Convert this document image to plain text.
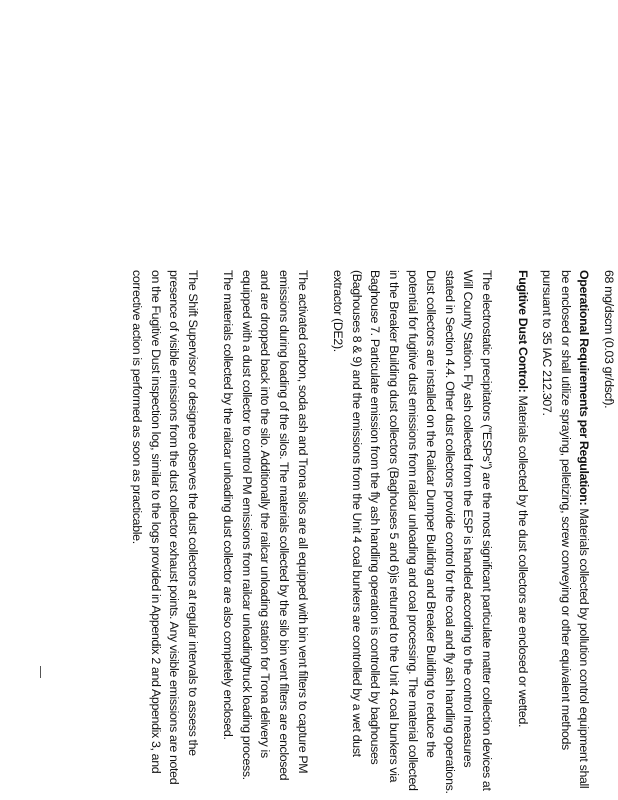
68 mg/dscm (0.03 gr/dscf).

Operational Requirements per Regulation: Materials collected by pollution control equipment shall be enclosed or shall utilize spraying, pelletizing, screw conveying or other equivalent methods pursuant to 35 IAC 212.307.

Fugitive Dust Control: Materials collected by the dust collectors are enclosed or wetted.

The electrostatic precipitators ("ESPs") are the most significant particulate matter collection devices at Will County Station. Fly ash collected from the ESP is handled according to the control measures stated in Section 4.4. Other dust collectors provide control for the coal and fly ash handling operations. Dust collectors are installed on the Railcar Dumper Building and Breaker Building to reduce the potential for fugitive dust emissions from railcar unloading and coal processing. The material collected in the Breaker Building dust collectors (Baghouses 5 and 6)is returned to the Unit 4 coal bunkers via Baghouse 7. Particulate emission from the fly ash handling operation is controlled by baghouses (Baghouses 8 & 9) and the emissions from the Unit 4 coal bunkers are controlled by a wet dust extractor (DE2).

The activated carbon, soda ash and Trona silos are all equipped with bin vent filters to capture PM emissions during loading of the silos. The materials collected by the silo bin vent filters are enclosed and are dropped back into the silo. Additionally the railcar unloading station for Trona delivery is equipped with a dust collector to control PM emissions from railcar unloading/truck loading process. The materials collected by the railcar unloading dust collector are also completely enclosed.

The Shift Supervisor or designee observes the dust collectors at regular intervals to assess the presence of visible emissions from the dust collector exhaust points. Any visible emissions are noted on the Fugitive Dust inspection log, similar to the logs provided in Appendix 2 and Appendix 3, and corrective action is performed as soon as practicable.
